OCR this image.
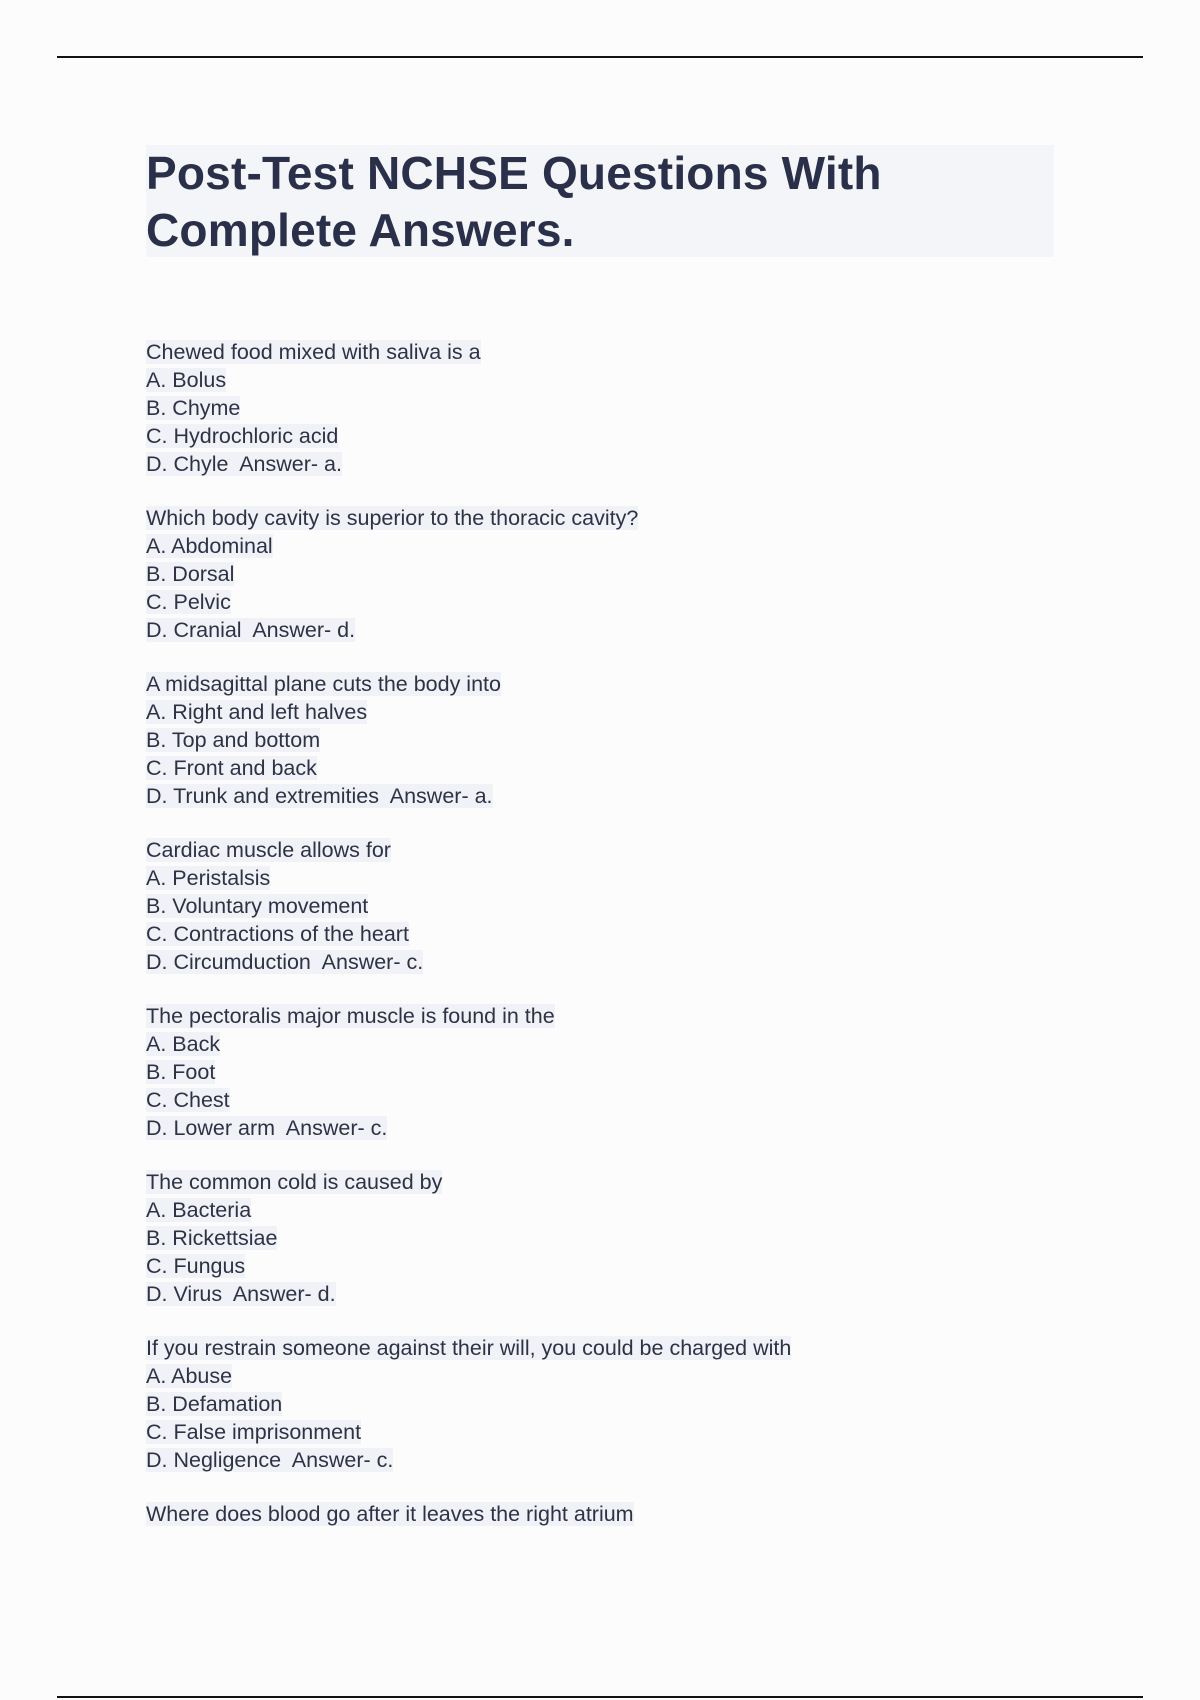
Post-Test NCHSE Questions With Complete Answers.
Chewed food mixed with saliva is a
A. Bolus
B. Chyme
C. Hydrochloric acid
D. Chyle  Answer- a.
Which body cavity is superior to the thoracic cavity?
A. Abdominal
B. Dorsal
C. Pelvic
D. Cranial  Answer- d.
A midsagittal plane cuts the body into
A. Right and left halves
B. Top and bottom
C. Front and back
D. Trunk and extremities  Answer- a.
Cardiac muscle allows for
A. Peristalsis
B. Voluntary movement
C. Contractions of the heart
D. Circumduction  Answer- c.
The pectoralis major muscle is found in the
A. Back
B. Foot
C. Chest
D. Lower arm  Answer- c.
The common cold is caused by
A. Bacteria
B. Rickettsiae
C. Fungus
D. Virus  Answer- d.
If you restrain someone against their will, you could be charged with
A. Abuse
B. Defamation
C. False imprisonment
D. Negligence  Answer- c.
Where does blood go after it leaves the right atrium
